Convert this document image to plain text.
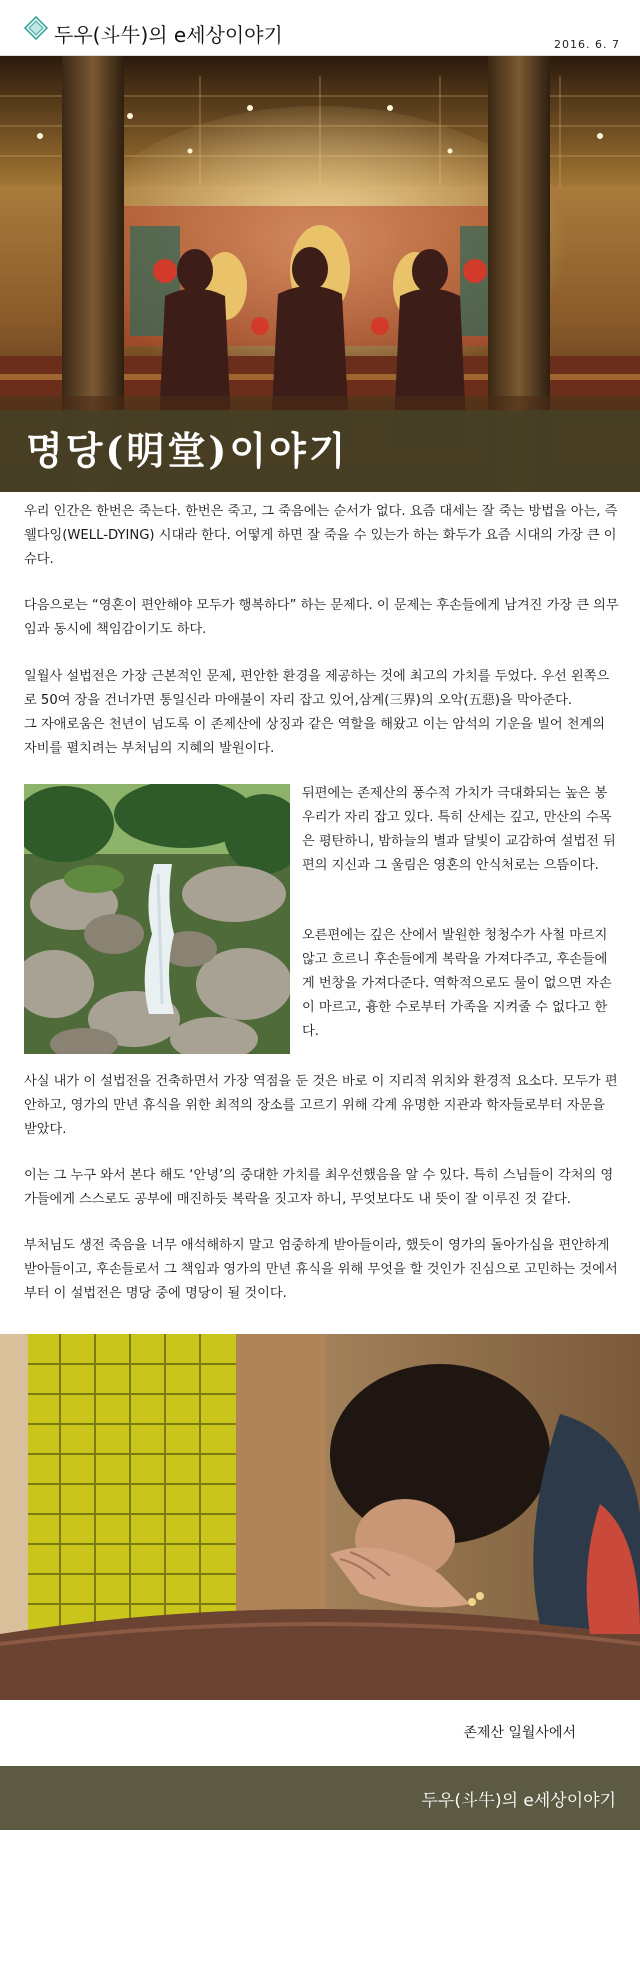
두우(斗牛)의 e세상이야기	2016. 6. 7
명당(明堂)이야기

우리 인간은 한번은 죽는다. 한번은 죽고, 그 죽음에는 순서가 없다. 요즘 대세는 잘 죽는 방법을 아는, 즉 웰다잉(WELL-DYING) 시대라 한다. 어떻게 하면 잘 죽을 수 있는가 하는 화두가 요즘 시대의 가장 큰 이슈다.

다음으로는 “영혼이 편안해야 모두가 행복하다” 하는 문제다. 이 문제는 후손들에게 남겨진 가장 큰 의무임과 동시에 책임감이기도 하다.

일월사 설법전은 가장 근본적인 문제, 편안한 환경을 제공하는 것에 최고의 가치를 두었다. 우선 왼쪽으로 50여 장을 건너가면 통일신라 마애불이 자리 잡고 있어,삼계(三界)의 오악(五惡)을 막아준다.

그 자애로움은 천년이 넘도록 이 존제산에 상징과 같은 역할을 해왔고 이는 암석의 기운을 빌어 천계의 자비를 펼치려는 부처님의 지혜의 발원이다.

뒤편에는 존제산의 풍수적 가치가 극대화되는 높은 봉우리가 자리 잡고 있다. 특히 산세는 깊고, 만산의 수목은 평탄하니, 밤하늘의 별과 달빛이 교감하여 설법전 뒤편의 지신과 그 울림은 영혼의 안식처로는 으뜸이다.

오른편에는 깊은 산에서 발원한 청청수가 사철 마르지 않고 흐르니 후손들에게 복락을 가져다주고, 후손들에게 번창을 가져다준다. 역학적으로도 물이 없으면 자손이 마르고, 흉한 수로부터 가족을 지켜줄 수 없다고 한다.

사실 내가 이 설법전을 건축하면서 가장 역점을 둔 것은 바로 이 지리적 위치와 환경적 요소다. 모두가 편안하고, 영가의 만년 휴식을 위한 최적의 장소를 고르기 위해 각계 유명한 지관과 학자들로부터 자문을 받았다.

이는 그 누구 와서 본다 해도 ‘안녕’의 중대한 가치를 최우선했음을 알 수 있다. 특히 스님들이 각처의 영가들에게 스스로도 공부에 매진하듯 복락을 짓고자 하니, 무엇보다도 내 뜻이 잘 이루진 것 같다.

부처님도 생전 죽음을 너무 애석해하지 말고 엄중하게 받아들이라, 했듯이 영가의 돌아가심을 편안하게 받아들이고, 후손들로서 그 책임과 영가의 만년 휴식을 위해 무엇을 할 것인가 진심으로 고민하는 것에서부터 이 설법전은 명당 중에 명당이 될 것이다.

존제산 일월사에서
두우(斗牛)의 e세상이야기
